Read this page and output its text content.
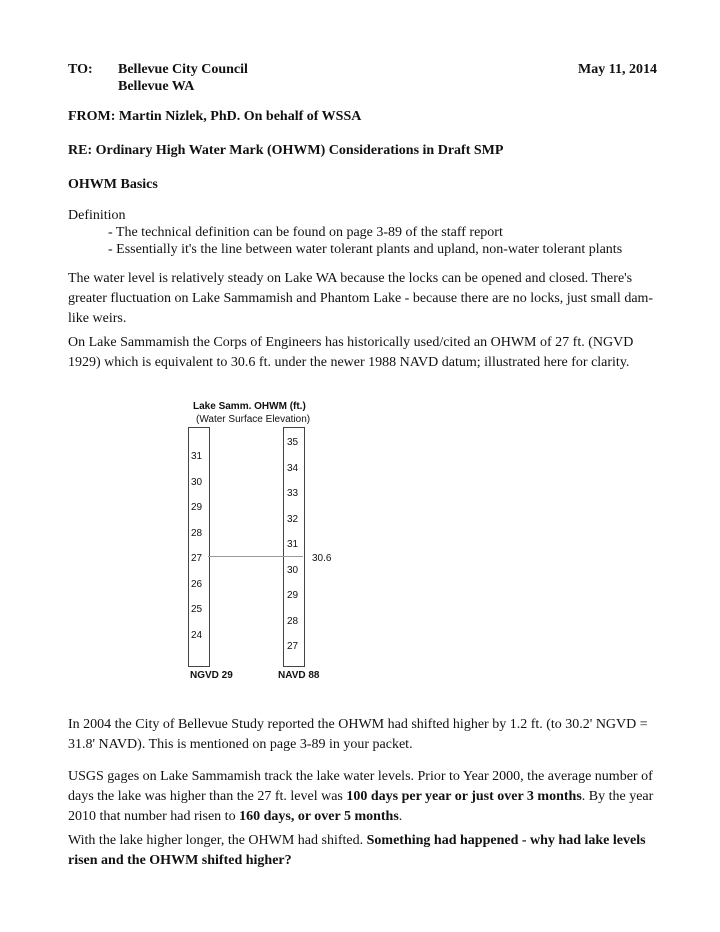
TO: Bellevue City Council	May 11, 2014
Bellevue WA
FROM: Martin Nizlek, PhD. On behalf of WSSA
RE: Ordinary High Water Mark (OHWM) Considerations in Draft SMP
OHWM Basics
Definition
- The technical definition can be found on page 3-89 of the staff report
- Essentially it's the line between water tolerant plants and upland, non-water tolerant plants
The water level is relatively steady on Lake WA because the locks can be opened and closed. There's greater fluctuation on Lake Sammamish and Phantom Lake - because there are no locks, just small dam-like weirs.
On Lake Sammamish the Corps of Engineers has historically used/cited an OHWM of 27 ft. (NGVD 1929) which is equivalent to 30.6 ft. under the newer 1988 NAVD datum; illustrated here for clarity.
Lake Samm. OHWM (ft.)
(Water Surface Elevation)
31
30
29
28
27
26
25
24
35
34
33
32
31
30
29
28
27
30.6
NGVD 29	NAVD 88
In 2004 the City of Bellevue Study reported the OHWM had shifted higher by 1.2 ft. (to 30.2' NGVD = 31.8' NAVD). This is mentioned on page 3-89 in your packet.
USGS gages on Lake Sammamish track the lake water levels. Prior to Year 2000, the average number of days the lake was higher than the 27 ft. level was 100 days per year or just over 3 months. By the year 2010 that number had risen to 160 days, or over 5 months.
With the lake higher longer, the OHWM had shifted. Something had happened - why had lake levels risen and the OHWM shifted higher?
